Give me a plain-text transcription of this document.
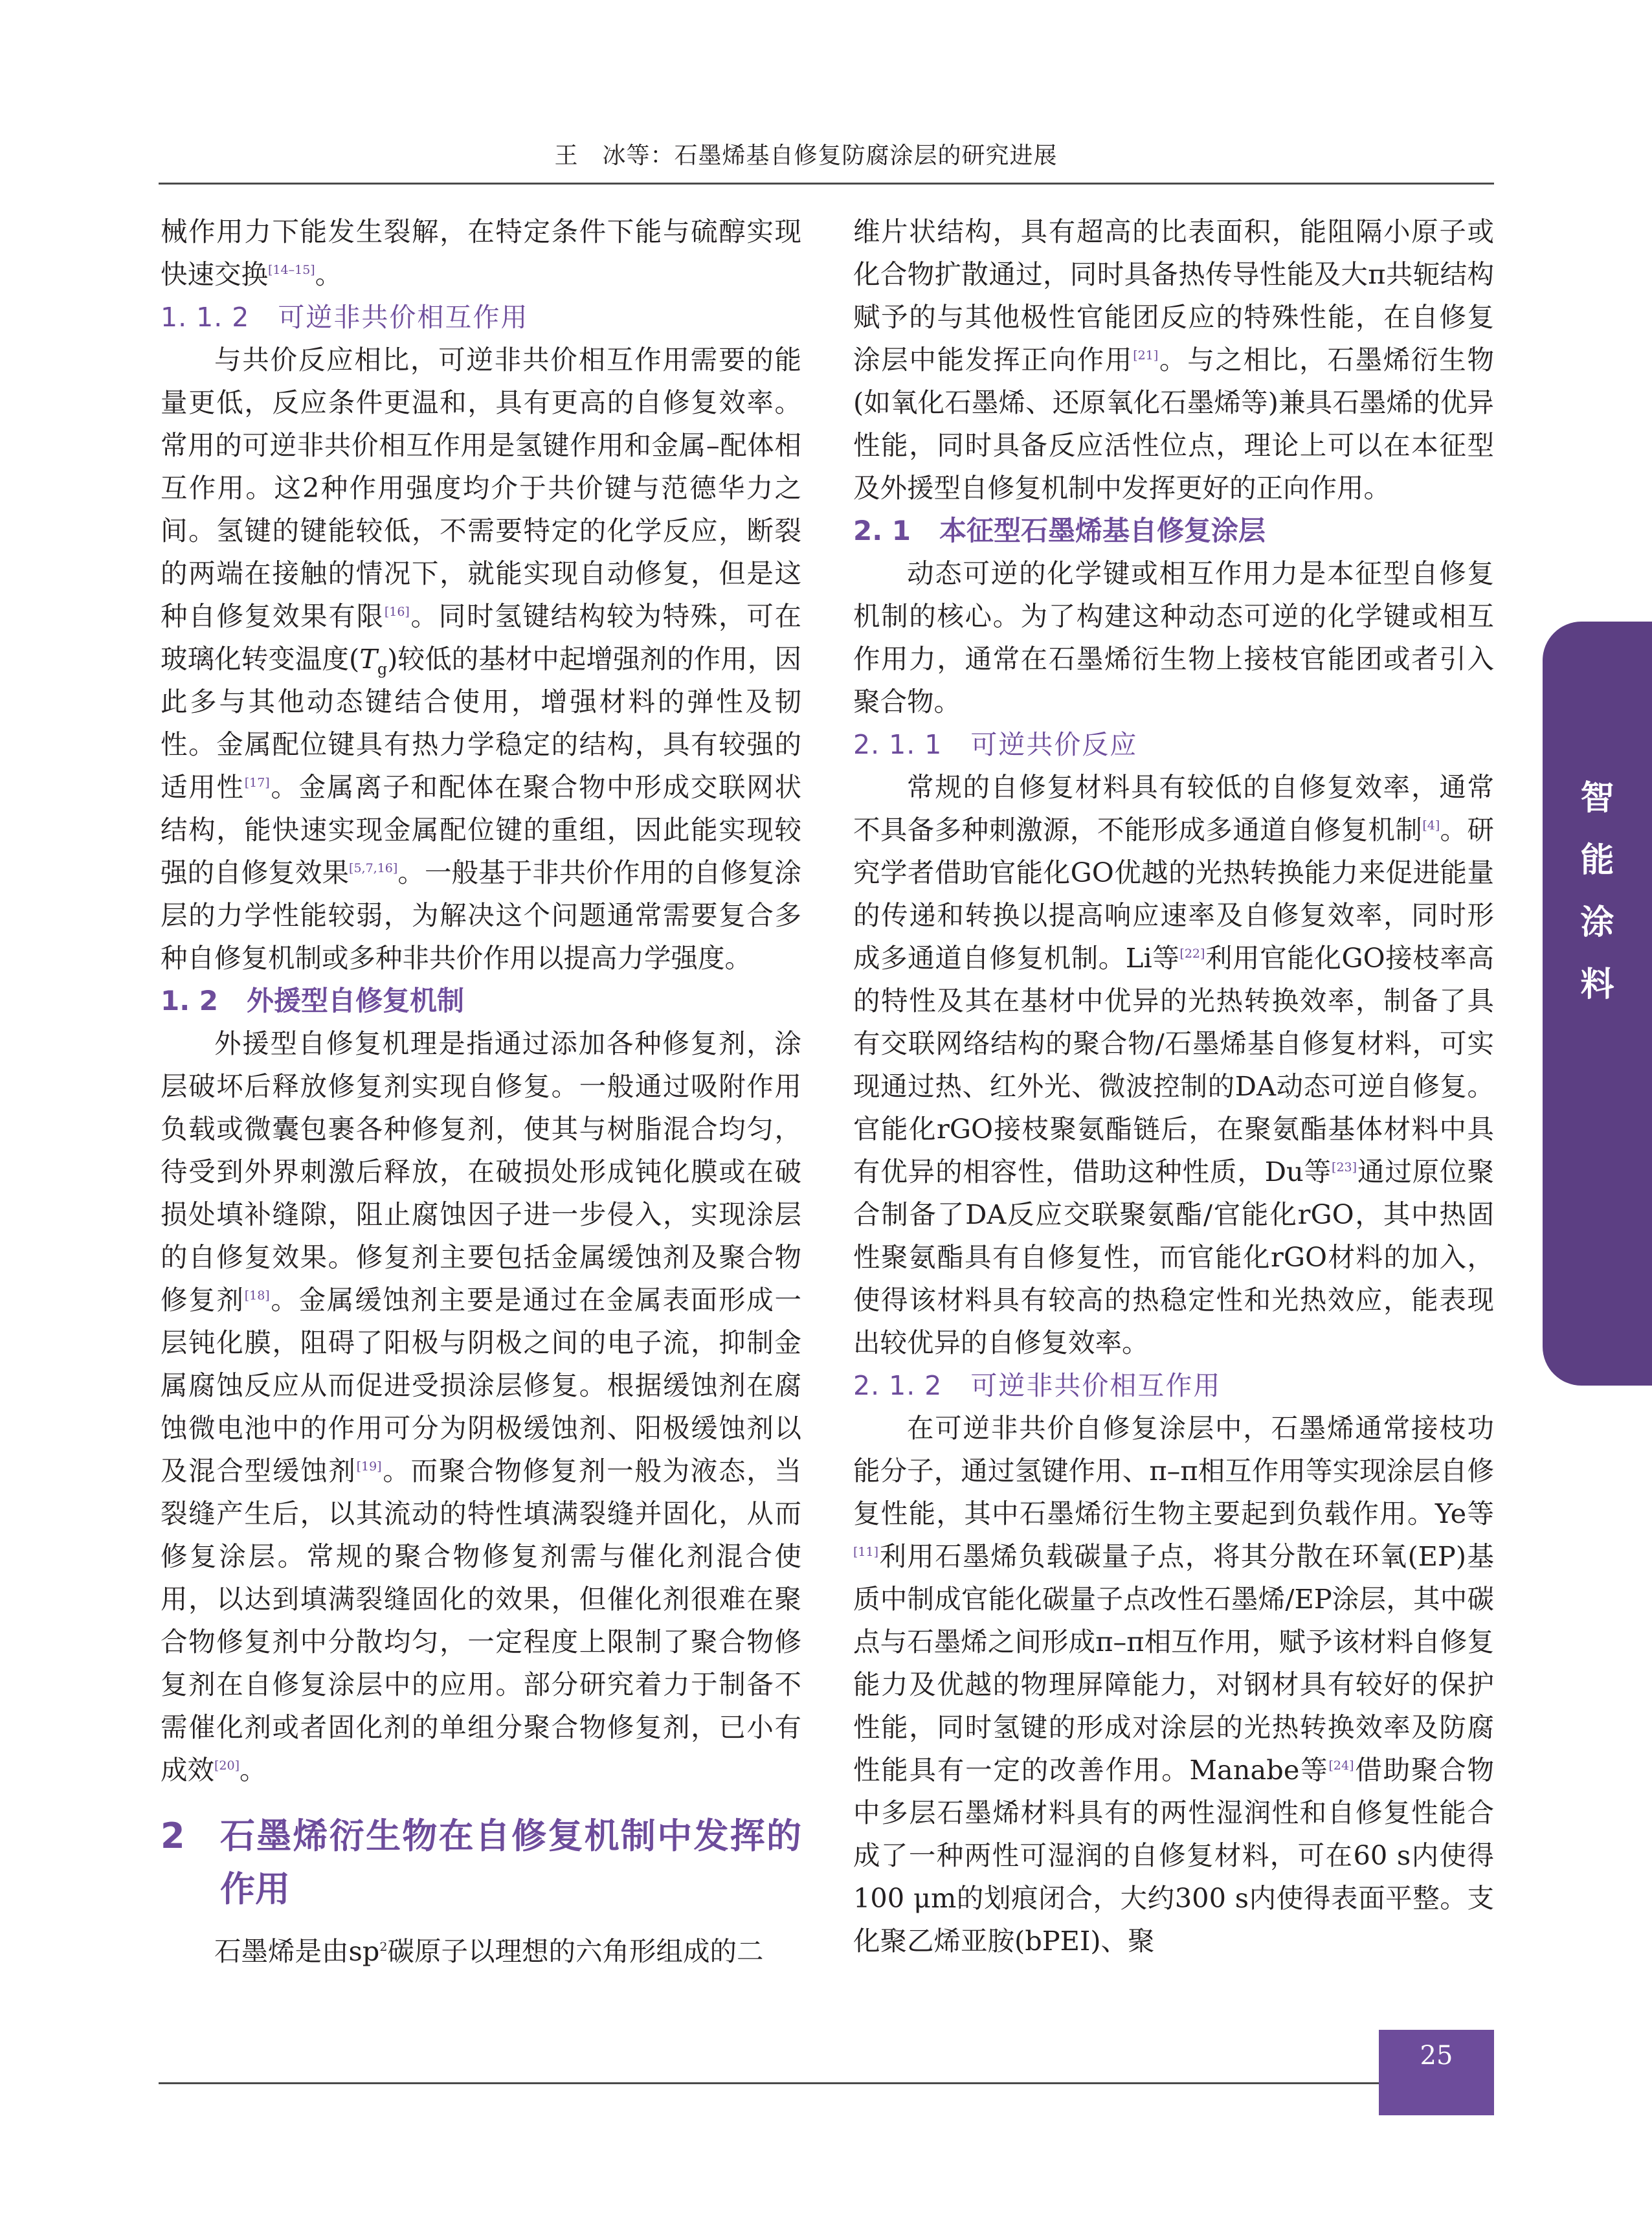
王　冰等：石墨烯基自修复防腐涂层的研究进展

械作用力下能发生裂解，在特定条件下能与硫醇实现快速交换[14–15]。

1. 1. 2 可逆非共价相互作用

与共价反应相比，可逆非共价相互作用需要的能量更低，反应条件更温和，具有更高的自修复效率。常用的可逆非共价相互作用是氢键作用和金属–配体相互作用。这2种作用强度均介于共价键与范德华力之间。氢键的键能较低，不需要特定的化学反应，断裂的两端在接触的情况下，就能实现自动修复，但是这种自修复效果有限[16]。同时氢键结构较为特殊，可在玻璃化转变温度$(T_g)$较低的基材中起增强剂的作用，因此多与其他动态键结合使用，增强材料的弹性及韧性。金属配位键具有热力学稳定的结构，具有较强的适用性[17]。金属离子和配体在聚合物中形成交联网状结构，能快速实现金属配位键的重组，因此能实现较强的自修复效果[5,7,16]。一般基于非共价作用的自修复涂层的力学性能较弱，为解决这个问题通常需要复合多种自修复机制或多种非共价作用以提高力学强度。

1. 2 外援型自修复机制

外援型自修复机理是指通过添加各种修复剂，涂层破坏后释放修复剂实现自修复。一般通过吸附作用负载或微囊包裹各种修复剂，使其与树脂混合均匀，待受到外界刺激后释放，在破损处形成钝化膜或在破损处填补缝隙，阻止腐蚀因子进一步侵入，实现涂层的自修复效果。修复剂主要包括金属缓蚀剂及聚合物修复剂[18]。金属缓蚀剂主要是通过在金属表面形成一层钝化膜，阻碍了阳极与阴极之间的电子流，抑制金属腐蚀反应从而促进受损涂层修复。根据缓蚀剂在腐蚀微电池中的作用可分为阴极缓蚀剂、阳极缓蚀剂以及混合型缓蚀剂[19]。而聚合物修复剂一般为液态，当裂缝产生后，以其流动的特性填满裂缝并固化，从而修复涂层。常规的聚合物修复剂需与催化剂混合使用，以达到填满裂缝固化的效果，但催化剂很难在聚合物修复剂中分散均匀，一定程度上限制了聚合物修复剂在自修复涂层中的应用。部分研究着力于制备不需催化剂或者固化剂的单组分聚合物修复剂，已小有成效[20]。

2	石墨烯衍生物在自修复机制中发挥的作用

石墨烯是由$sp^2$碳原子以理想的六角形组成的二

维片状结构，具有超高的比表面积，能阻隔小原子或化合物扩散通过，同时具备热传导性能及大π共轭结构赋予的与其他极性官能团反应的特殊性能，在自修复涂层中能发挥正向作用[21]。与之相比，石墨烯衍生物(如氧化石墨烯、还原氧化石墨烯等)兼具石墨烯的优异性能，同时具备反应活性位点，理论上可以在本征型及外援型自修复机制中发挥更好的正向作用。

2. 1 本征型石墨烯基自修复涂层

动态可逆的化学键或相互作用力是本征型自修复机制的核心。为了构建这种动态可逆的化学键或相互作用力，通常在石墨烯衍生物上接枝官能团或者引入聚合物。

2. 1. 1 可逆共价反应

常规的自修复材料具有较低的自修复效率，通常不具备多种刺激源，不能形成多通道自修复机制[4]。研究学者借助官能化GO优越的光热转换能力来促进能量的传递和转换以提高响应速率及自修复效率，同时形成多通道自修复机制。Li等[22]利用官能化GO接枝率高的特性及其在基材中优异的光热转换效率，制备了具有交联网络结构的聚合物/石墨烯基自修复材料，可实现通过热、红外光、微波控制的DA动态可逆自修复。官能化rGO接枝聚氨酯链后，在聚氨酯基体材料中具有优异的相容性，借助这种性质，Du等[23]通过原位聚合制备了DA反应交联聚氨酯/官能化rGO，其中热固性聚氨酯具有自修复性，而官能化rGO材料的加入，使得该材料具有较高的热稳定性和光热效应，能表现出较优异的自修复效率。

2. 1. 2 可逆非共价相互作用

在可逆非共价自修复涂层中，石墨烯通常接枝功能分子，通过氢键作用、π–π相互作用等实现涂层自修复性能，其中石墨烯衍生物主要起到负载作用。Ye等[11]利用石墨烯负载碳量子点，将其分散在环氧(EP)基质中制成官能化碳量子点改性石墨烯/EP涂层，其中碳点与石墨烯之间形成π–π相互作用，赋予该材料自修复能力及优越的物理屏障能力，对钢材具有较好的保护性能，同时氢键的形成对涂层的光热转换效率及防腐性能具有一定的改善作用。Manabe等[24]借助聚合物中多层石墨烯材料具有的两性湿润性和自修复性能合成了一种两性可湿润的自修复材料，可在60 s内使得100 μm的划痕闭合，大约300 s内使得表面平整。支化聚乙烯亚胺(bPEI)、聚

智
能
涂
料
25
